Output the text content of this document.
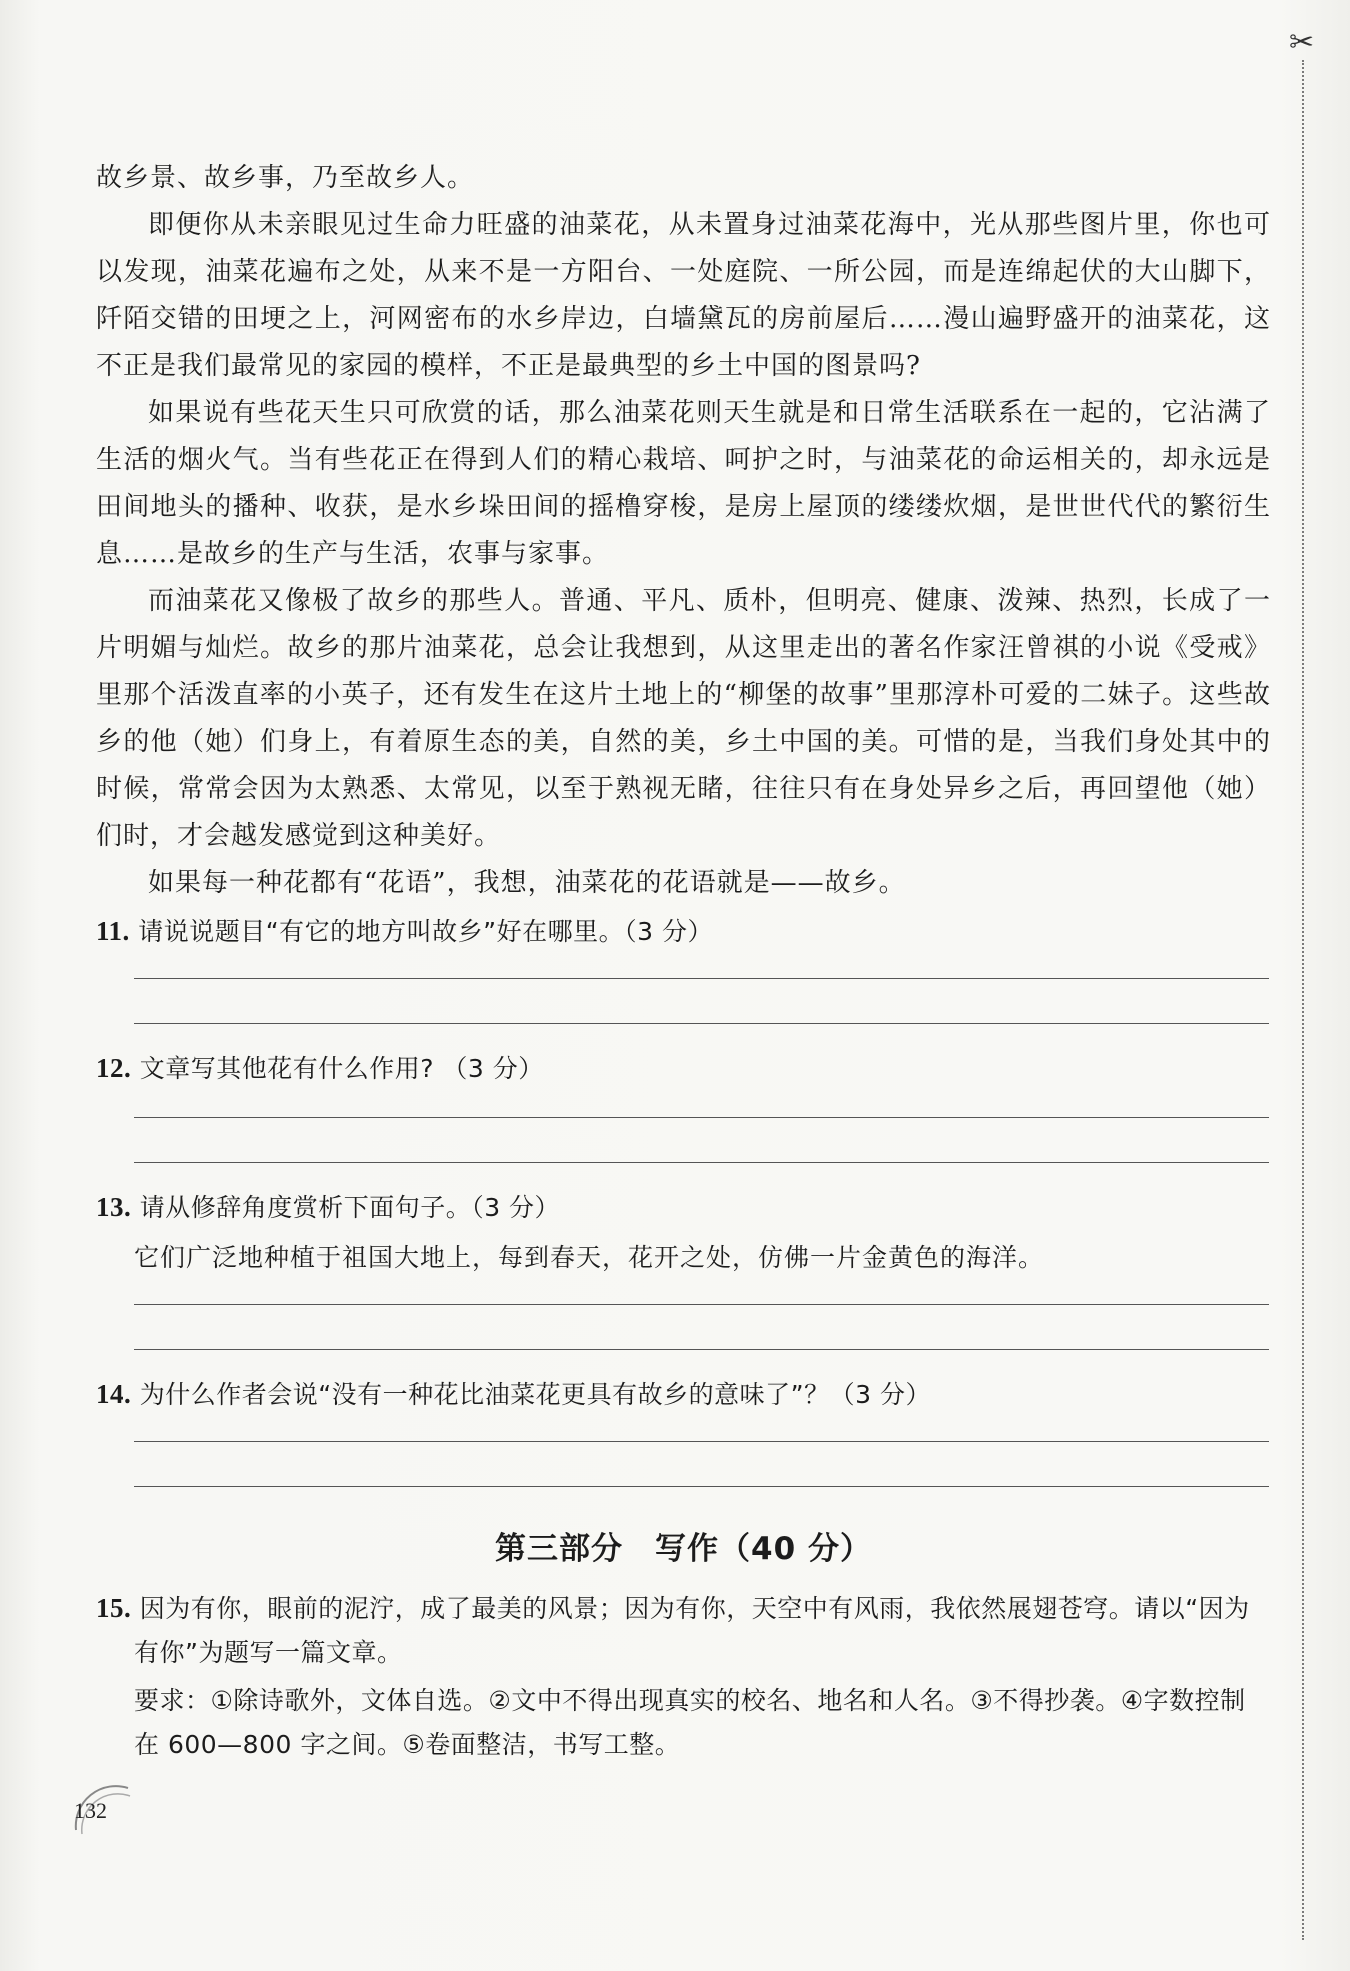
✂

故乡景、故乡事，乃至故乡人。

即便你从未亲眼见过生命力旺盛的油菜花，从未置身过油菜花海中，光从那些图片里，你也可以发现，油菜花遍布之处，从来不是一方阳台、一处庭院、一所公园，而是连绵起伏的大山脚下，阡陌交错的田埂之上，河网密布的水乡岸边，白墙黛瓦的房前屋后……漫山遍野盛开的油菜花，这不正是我们最常见的家园的模样，不正是最典型的乡土中国的图景吗?

如果说有些花天生只可欣赏的话，那么油菜花则天生就是和日常生活联系在一起的，它沾满了生活的烟火气。当有些花正在得到人们的精心栽培、呵护之时，与油菜花的命运相关的，却永远是田间地头的播种、收获，是水乡垛田间的摇橹穿梭，是房上屋顶的缕缕炊烟，是世世代代的繁衍生息……是故乡的生产与生活，农事与家事。

而油菜花又像极了故乡的那些人。普通、平凡、质朴，但明亮、健康、泼辣、热烈，长成了一片明媚与灿烂。故乡的那片油菜花，总会让我想到，从这里走出的著名作家汪曾祺的小说《受戒》里那个活泼直率的小英子，还有发生在这片土地上的“柳堡的故事”里那淳朴可爱的二妹子。这些故乡的他（她）们身上，有着原生态的美，自然的美，乡土中国的美。可惜的是，当我们身处其中的时候，常常会因为太熟悉、太常见，以至于熟视无睹，往往只有在身处异乡之后，再回望他（她）们时，才会越发感觉到这种美好。

如果每一种花都有“花语”，我想，油菜花的花语就是——故乡。

11. 请说说题目“有它的地方叫故乡”好在哪里。（3 分）

12. 文章写其他花有什么作用? （3 分）

13. 请从修辞角度赏析下面句子。（3 分）

它们广泛地种植于祖国大地上，每到春天，花开之处，仿佛一片金黄色的海洋。

14. 为什么作者会说“没有一种花比油菜花更具有故乡的意味了”？（3 分）

第三部分　写作（40 分）

15. 因为有你，眼前的泥泞，成了最美的风景；因为有你，天空中有风雨，我依然展翅苍穹。请以“因为有你”为题写一篇文章。

要求：①除诗歌外，文体自选。②文中不得出现真实的校名、地名和人名。③不得抄袭。④字数控制在 600—800 字之间。⑤卷面整洁，书写工整。

132
